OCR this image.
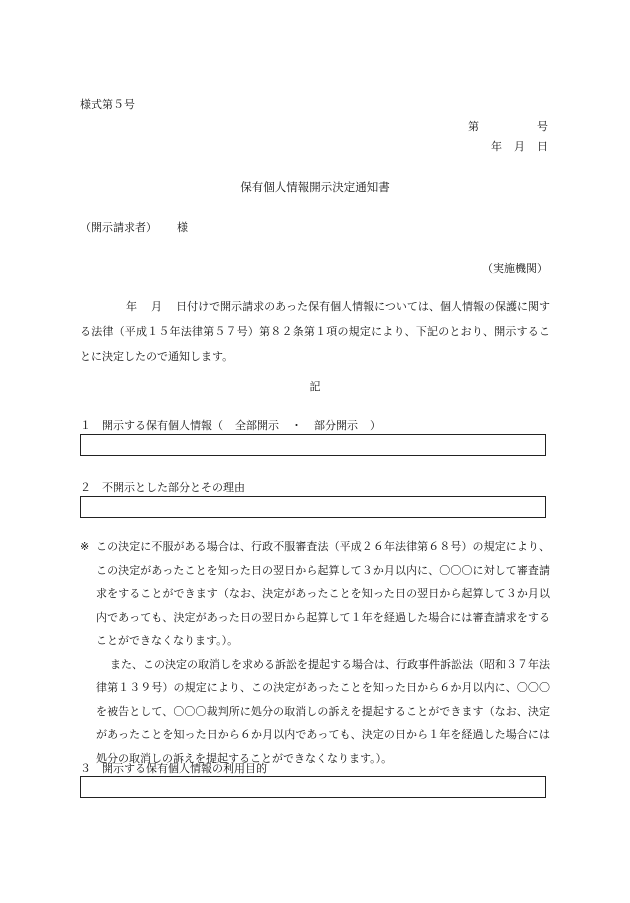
様式第５号
第	号
年 月 日
保有個人情報開示決定通知書
（開示請求者） 様
（実施機関）
年 月 日付けで開示請求のあった保有個人情報については、個人情報の保護に関する法律（平成１５年法律第５７号）第８２条第１項の規定により、下記のとおり、開示することに決定したので通知します。
記
１　開示する保有個人情報（ 全部開示 ・ 部分開示 ）
２　不開示とした部分とその理由
※ この決定に不服がある場合は、行政不服審査法（平成２６年法律第６８号）の規定により、この決定があったことを知った日の翌日から起算して３か月以内に、〇〇〇に対して審査請求をすることができます（なお、決定があったことを知った日の翌日から起算して３か月以内であっても、決定があった日の翌日から起算して１年を経過した場合には審査請求をすることができなくなります。）。

また、この決定の取消しを求める訴訟を提起する場合は、行政事件訴訟法（昭和３７年法律第１３９号）の規定により、この決定があったことを知った日から６か月以内に、〇〇〇を被告として、〇〇〇裁判所に処分の取消しの訴えを提起することができます（なお、決定があったことを知った日から６か月以内であっても、決定の日から１年を経過した場合には処分の取消しの訴えを提起することができなくなります。）。

３　開示する保有個人情報の利用目的
